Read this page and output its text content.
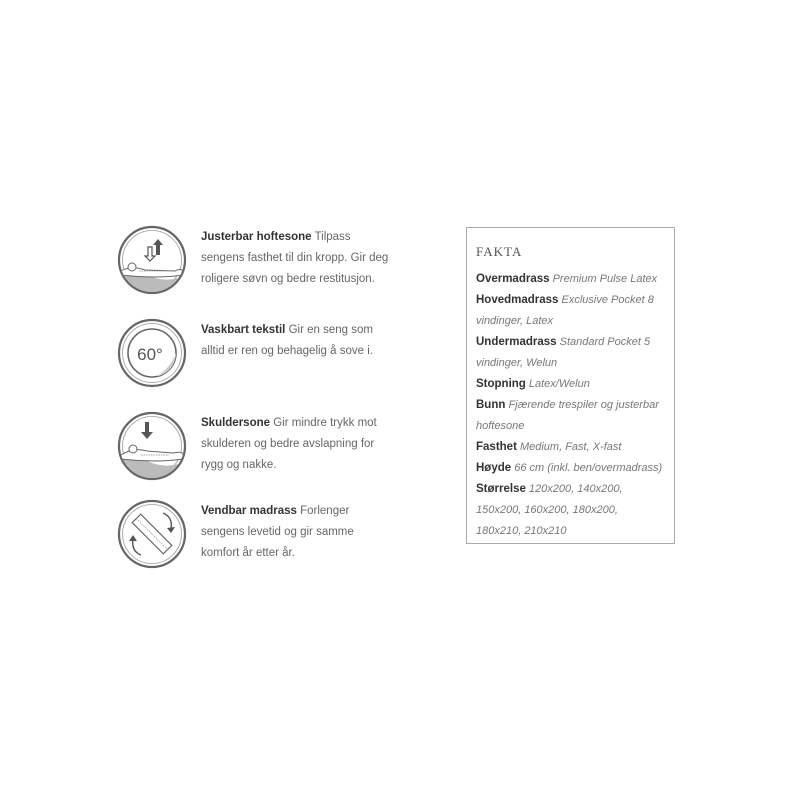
Justerbar hoftesone Tilpass sengens fasthet til din kropp. Gir deg roligere søvn og bedre restitusjon.
60°
Vaskbart tekstil Gir en seng som alltid er ren og behagelig å sove i.
Skuldersone Gir mindre trykk mot skulderen og bedre avslapning for rygg og nakke.
Vendbar madrass Forlenger sengens levetid og gir samme komfort år etter år.
FAKTA
Overmadrass Premium Pulse Latex
Hovedmadrass Exclusive Pocket 8 vindinger, Latex
Undermadrass Standard Pocket 5 vindinger, Welun
Stopning Latex/Welun
Bunn Fjærende trespiler og justerbar hoftesone
Fasthet Medium, Fast, X-fast
Høyde 66 cm (inkl. ben/overmadrass)
Størrelse 120x200, 140x200, 150x200, 160x200, 180x200, 180x210, 210x210
